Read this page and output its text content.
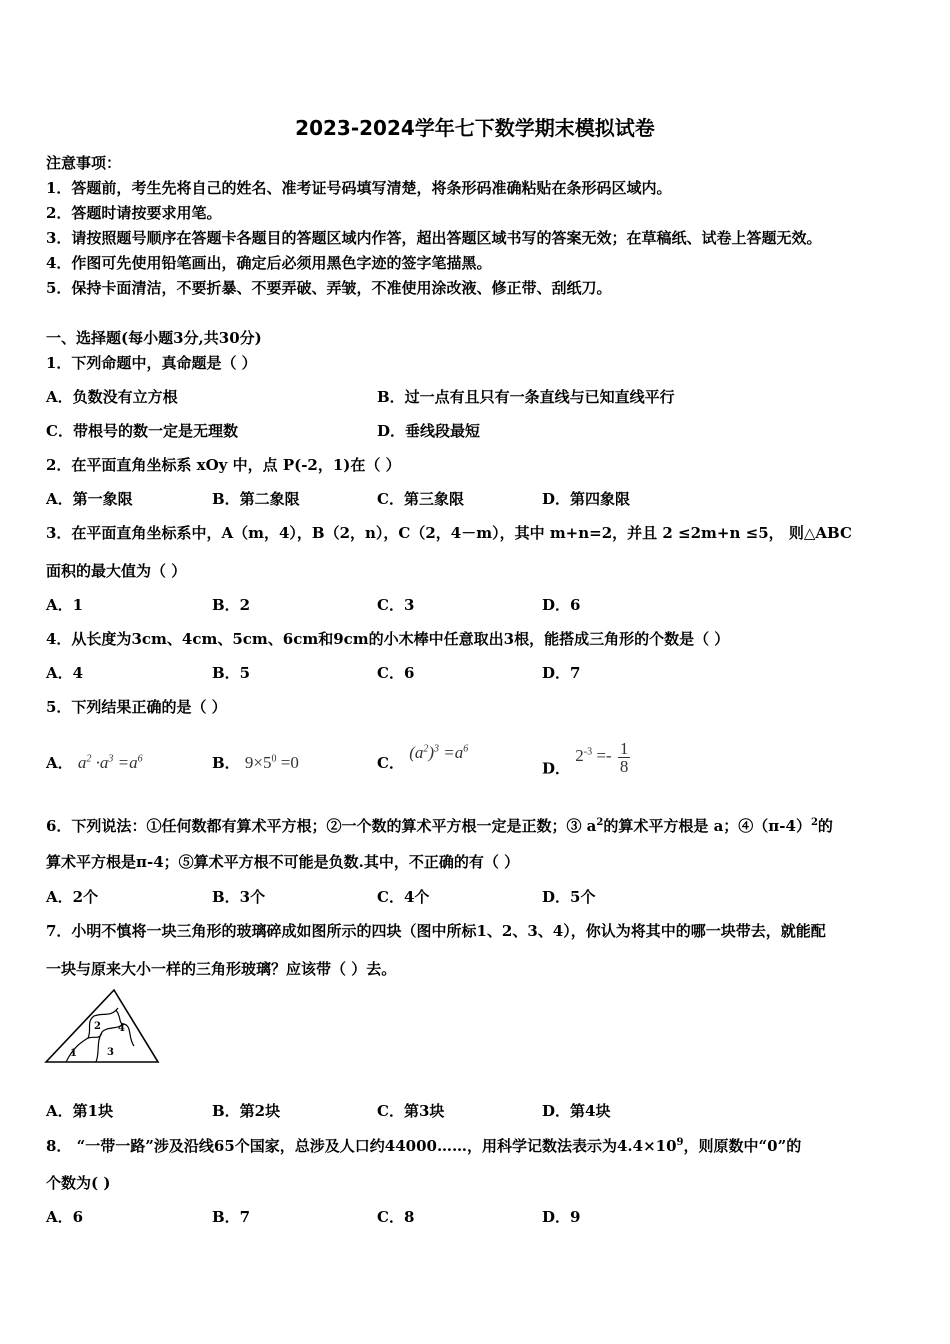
2023-2024学年七下数学期末模拟试卷
注意事项：
1．答题前，考生先将自己的姓名、准考证号码填写清楚，将条形码准确粘贴在条形码区域内。
2．答题时请按要求用笔。
3．请按照题号顺序在答题卡各题目的答题区域内作答，超出答题区域书写的答案无效；在草稿纸、试卷上答题无效。
4．作图可先使用铅笔画出，确定后必须用黑色字迹的签字笔描黑。
5．保持卡面清洁，不要折暴、不要弄破、弄皱，不准使用涂改液、修正带、刮纸刀。
一、选择题(每小题3分,共30分)
1．下列命题中，真命题是（ ）
A．负数没有立方根	B．过一点有且只有一条直线与已知直线平行
C．带根号的数一定是无理数	D．垂线段最短
2．在平面直角坐标系 xOy 中，点 P(-2，1)在（ ）
A．第一象限	B．第二象限	C．第三象限	D．第四象限
3．在平面直角坐标系中，A（m，4），B（2，n），C（2，4－m），其中 m+n=2，并且 2 ≤2m+n ≤5， 则△ABC
面积的最大值为（ ）
A．1	B．2	C．3	D．6
4．从长度为3cm、4cm、5cm、6cm和9cm的小木棒中任意取出3根，能搭成三角形的个数是（ ）
A．4	B．5	C．6	D．7
5．下列结果正确的是（ ）
A． $a^2 \cdot a^3 =a^6$	B． $9\times 5^0 =0$	C． $(a^2)^3 =a^6$
D． $2^{-3} =- \frac{1}{8}$
6．下列说法：①任何数都有算术平方根；②一个数的算术平方根一定是正数；③ $a^2$的算术平方根是 a；$④(\pi-4)^2$的
算术平方根是π-4；⑤算术平方根不可能是负数.其中，不正确的有（ ）
A．2个	B．3个	C．4个	D．5个
7．小明不慎将一块三角形的玻璃碎成如图所示的四块（图中所标1、2、3、4），你认为将其中的哪一块带去，就能配
一块与原来大小一样的三角形玻璃？应该带（ ）去。
1
2
3
4
A．第1块	B．第2块	C．第3块	D．第4块
8． “一带一路”涉及沿线65个国家，总涉及人口约44000……，用科学记数法表示为$4.4\times 10^9$，则原数中“0”的
个数为( )
A．6	B．7	C．8	D．9
